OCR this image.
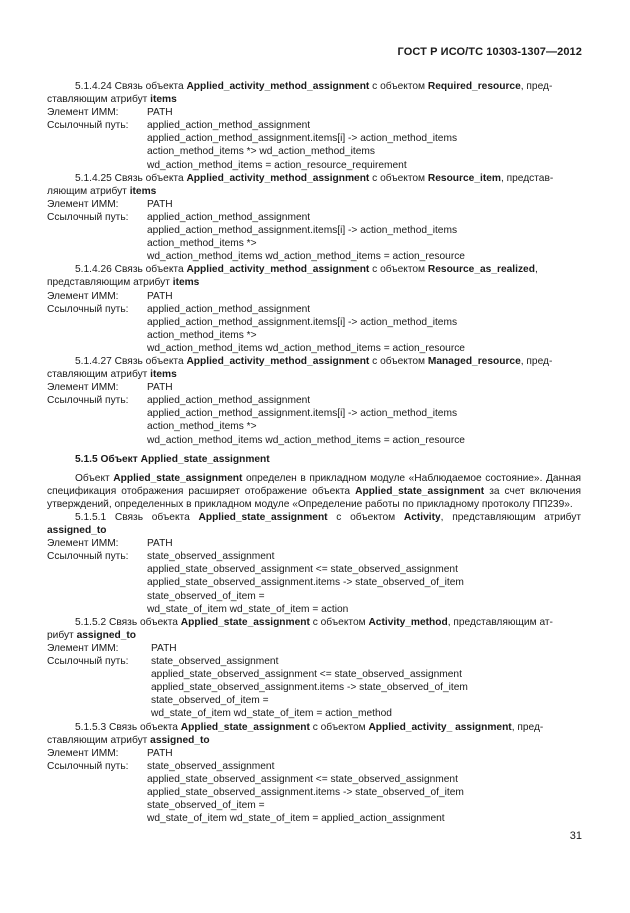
ГОСТ Р ИСО/ТС 10303-1307—2012
5.1.4.24 Связь объекта Applied_activity_method_assignment с объектом Required_resource, пред-
ставляющим атрибут items
Элемент ИММ:	PATH
Ссылочный путь:	applied_action_method_assignment
applied_action_method_assignment.items[i] -> action_method_items
action_method_items *> wd_action_method_items
wd_action_method_items = action_resource_requirement
5.1.4.25 Связь объекта Applied_activity_method_assignment с объектом Resource_item, представ-
ляющим атрибут items
Элемент ИММ:	PATH
Ссылочный путь:	applied_action_method_assignment
applied_action_method_assignment.items[i] -> action_method_items
action_method_items *>
wd_action_method_items wd_action_method_items = action_resource
5.1.4.26 Связь объекта Applied_activity_method_assignment с объектом Resource_as_realized,
представляющим атрибут items
Элемент ИММ:	PATH
Ссылочный путь:	applied_action_method_assignment
applied_action_method_assignment.items[i] -> action_method_items
action_method_items *>
wd_action_method_items wd_action_method_items = action_resource
5.1.4.27 Связь объекта Applied_activity_method_assignment с объектом Managed_resource, пред-
ставляющим атрибут items
Элемент ИММ:	PATH
Ссылочный путь:	applied_action_method_assignment
applied_action_method_assignment.items[i] -> action_method_items
action_method_items *>
wd_action_method_items wd_action_method_items = action_resource
5.1.5 Объект Applied_state_assignment
Объект Applied_state_assignment определен в прикладном модуле «Наблюдаемое состояние». Данная спецификация отображения расширяет отображение объекта Applied_state_assignment за счет включения утверждений, определенных в прикладном модуле «Определение работы по прикладному протоколу ПП239».
5.1.5.1 Связь объекта Applied_state_assignment с объектом Activity, представляющим атрибут
assigned_to
Элемент ИММ:	PATH
Ссылочный путь:	state_observed_assignment
applied_state_observed_assignment <= state_observed_assignment
applied_state_observed_assignment.items -> state_observed_of_item
state_observed_of_item =
wd_state_of_item wd_state_of_item = action
5.1.5.2 Связь объекта Applied_state_assignment с объектом Activity_method, представляющим ат-
рибут assigned_to
Элемент ИММ:	PATH
Ссылочный путь:	state_observed_assignment
applied_state_observed_assignment <= state_observed_assignment
applied_state_observed_assignment.items -> state_observed_of_item
state_observed_of_item =
wd_state_of_item wd_state_of_item = action_method
5.1.5.3 Связь объекта Applied_state_assignment с объектом Applied_activity_ assignment, пред-
ставляющим атрибут assigned_to
Элемент ИММ:	PATH
Ссылочный путь:	state_observed_assignment
applied_state_observed_assignment <= state_observed_assignment
applied_state_observed_assignment.items -> state_observed_of_item
state_observed_of_item =
wd_state_of_item wd_state_of_item = applied_action_assignment
31
